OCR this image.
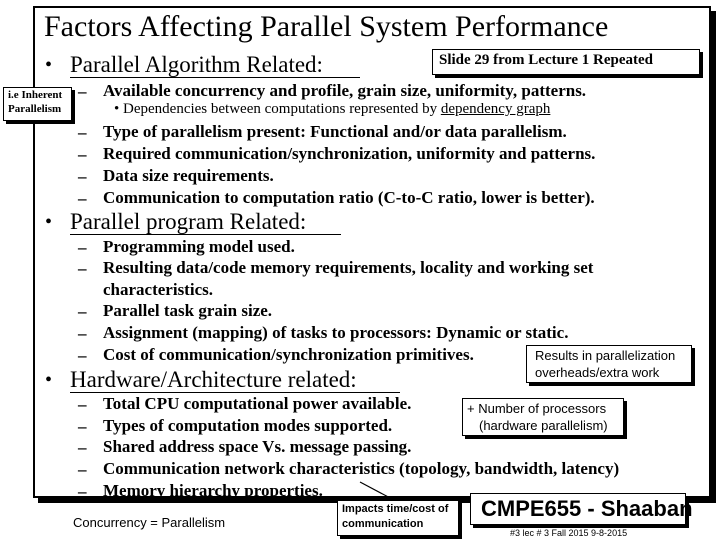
Factors Affecting Parallel System Performance
Slide 29 from Lecture 1 Repeated
i.e Inherent
Parallelism
• Parallel Algorithm Related:
– Available concurrency and profile, grain size, uniformity, patterns.
• Dependencies between computations represented by dependency graph
– Type of parallelism present: Functional and/or data parallelism.
– Required communication/synchronization, uniformity and patterns.
– Data size requirements.
– Communication to computation ratio (C-to-C ratio, lower is better).
• Parallel program Related:
– Programming model used.
– Resulting data/code memory requirements, locality and working set
characteristics.
– Parallel task grain size.
– Assignment (mapping) of tasks to processors: Dynamic or static.
– Cost of communication/synchronization primitives.	Results in parallelization
overheads/extra work
• Hardware/Architecture related:
– Total CPU computational power available.
– Types of computation modes supported.
– Shared address space Vs. message passing.
– Communication network characteristics (topology, bandwidth, latency)
– Memory hierarchy properties.
+ Number of processors
(hardware parallelism)
Impacts time/cost of
communication
Concurrency = Parallelism
CMPE655 - Shaaban
#3 lec # 3 Fall 2015 9-8-2015
